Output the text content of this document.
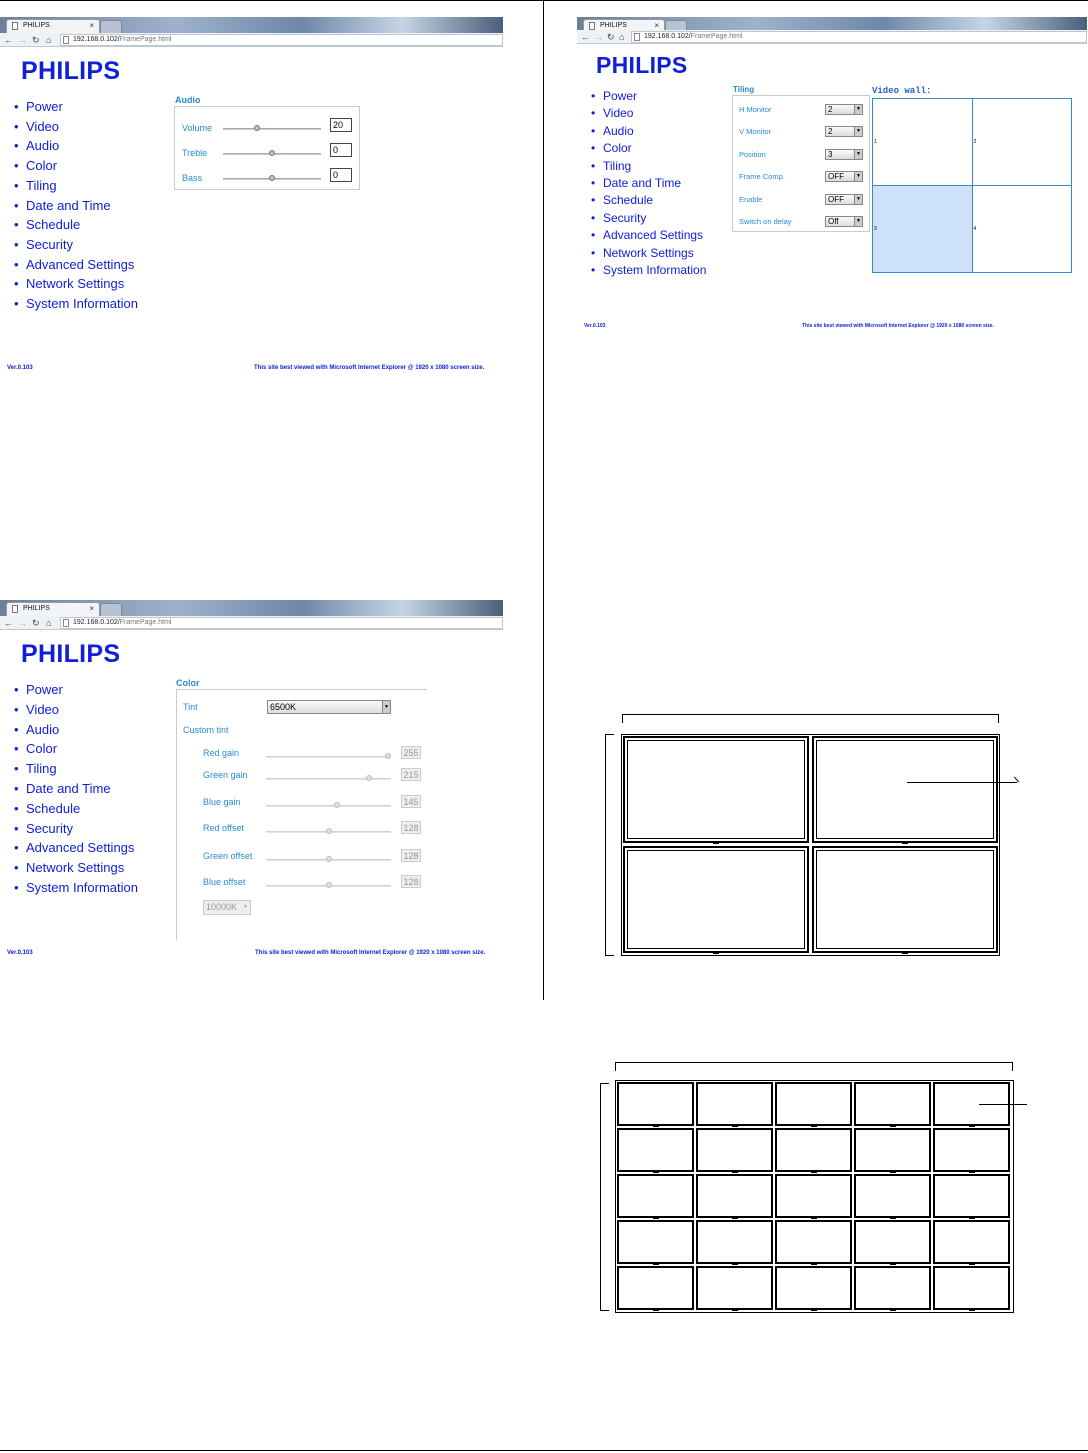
PHILIPS	×
← → ↻ ⌂	192.168.0.102/FramePage.html
PHILIPS
• Power
• Video
• Audio
• Color
• Tiling
• Date and Time
• Schedule
• Security
• Advanced Settings
• Network Settings
• System Information
Audio
Volume	20
Treble	0
Bass	0
Ver.0.103	This site best viewed with Microsoft Internet Explorer @ 1920 x 1080 screen size.
PHILIPS	×
← → ↻ ⌂	192.168.0.102/FramePage.html
PHILIPS
• Power
• Video
• Audio
• Color
• Tiling
• Date and Time
• Schedule
• Security
• Advanced Settings
• Network Settings
• System Information
Tiling
H Monitor	2	▼
V Monitor	2	▼
Position	3	▼
Frame Comp.	OFF	▼
Enable	OFF	▼
Switch on delay	Off	▼
Video wall:
1	2
3	4
Ver.0.103	This site best viewed with Microsoft Internet Explorer @ 1920 x 1080 screen size.
PHILIPS	×
← → ↻ ⌂	192.168.0.102/FramePage.html
PHILIPS
• Power
• Video
• Audio
• Color
• Tiling
• Date and Time
• Schedule
• Security
• Advanced Settings
• Network Settings
• System Information
Color
Tint	6500K	▼
Custom tint
Red gain	255
Green gain	215
Blue gain	145
Red offset	128
Green offset	128
Blue offset	128
10000K ▼
Ver.0.103	This site best viewed with Microsoft Internet Explorer @ 1920 x 1080 screen size.
